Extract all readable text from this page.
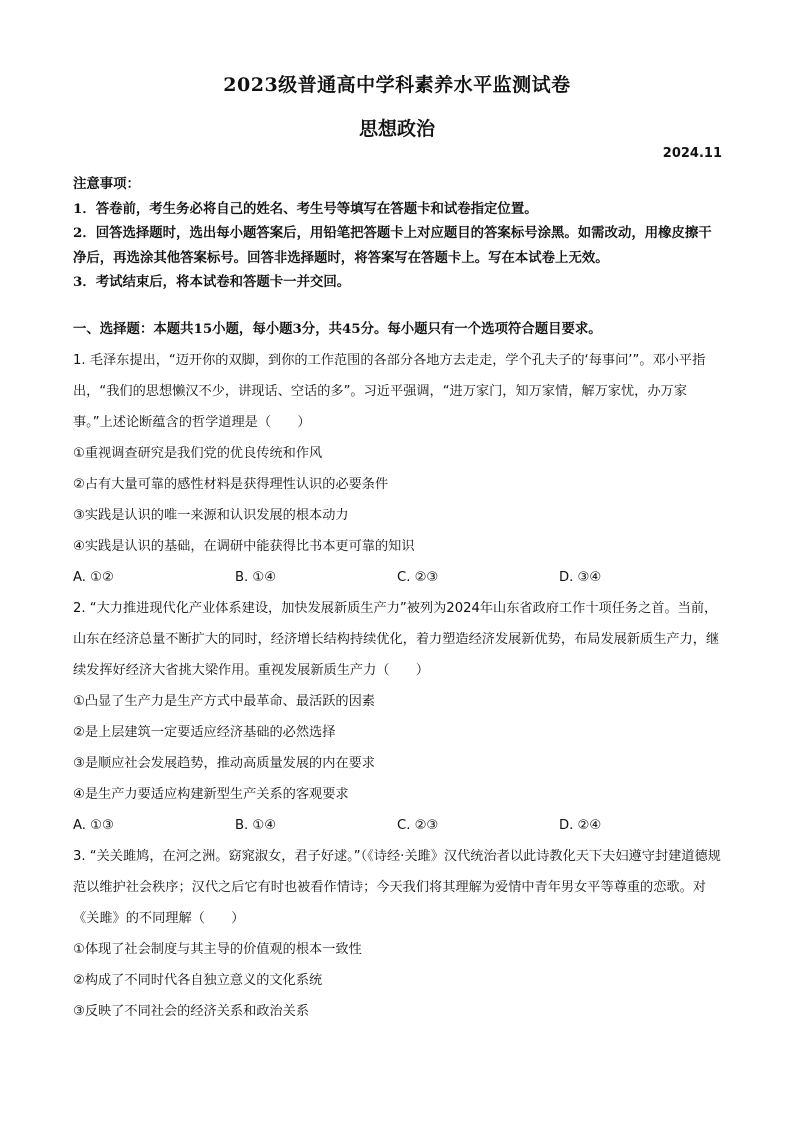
2023级普通高中学科素养水平监测试卷
思想政治
2024.11

注意事项：

1．答卷前，考生务必将自己的姓名、考生号等填写在答题卡和试卷指定位置。

2．回答选择题时，选出每小题答案后，用铅笔把答题卡上对应题目的答案标号涂黑。如需改动，用橡皮擦干净后，再选涂其他答案标号。回答非选择题时，将答案写在答题卡上。写在本试卷上无效。

3．考试结束后，将本试卷和答题卡一并交回。

一、选择题：本题共15小题，每小题3分，共45分。每小题只有一个选项符合题目要求。

1. 毛泽东提出，“迈开你的双脚，到你的工作范围的各部分各地方去走走，学个孔夫子的‘每事问’”。邓小平指出，“我们的思想懒汉不少，讲现话、空话的多”。习近平强调，“进万家门，知万家情，解万家忧，办万家事。”上述论断蕴含的哲学道理是（　　）

①重视调查研究是我们党的优良传统和作风

②占有大量可靠的感性材料是获得理性认识的必要条件

③实践是认识的唯一来源和认识发展的根本动力

④实践是认识的基础，在调研中能获得比书本更可靠的知识

A. ①②	B. ①④	C. ②③	D. ③④

2. “大力推进现代化产业体系建设，加快发展新质生产力”被列为2024年山东省政府工作十项任务之首。当前，山东在经济总量不断扩大的同时，经济增长结构持续优化，着力塑造经济发展新优势，布局发展新质生产力，继续发挥好经济大省挑大梁作用。重视发展新质生产力（　　）

①凸显了生产力是生产方式中最革命、最活跃的因素

②是上层建筑一定要适应经济基础的必然选择

③是顺应社会发展趋势，推动高质量发展的内在要求

④是生产力要适应构建新型生产关系的客观要求

A. ①③	B. ①④	C. ②③	D. ②④

3. “关关雎鸠，在河之洲。窈窕淑女，君子好逑。”（《诗经·关雎》汉代统治者以此诗教化天下夫妇遵守封建道德规范以维护社会秩序；汉代之后它有时也被看作情诗；今天我们将其理解为爱情中青年男女平等尊重的恋歌。对《关雎》的不同理解（　　）

①体现了社会制度与其主导的价值观的根本一致性

②构成了不同时代各自独立意义的文化系统

③反映了不同社会的经济关系和政治关系
